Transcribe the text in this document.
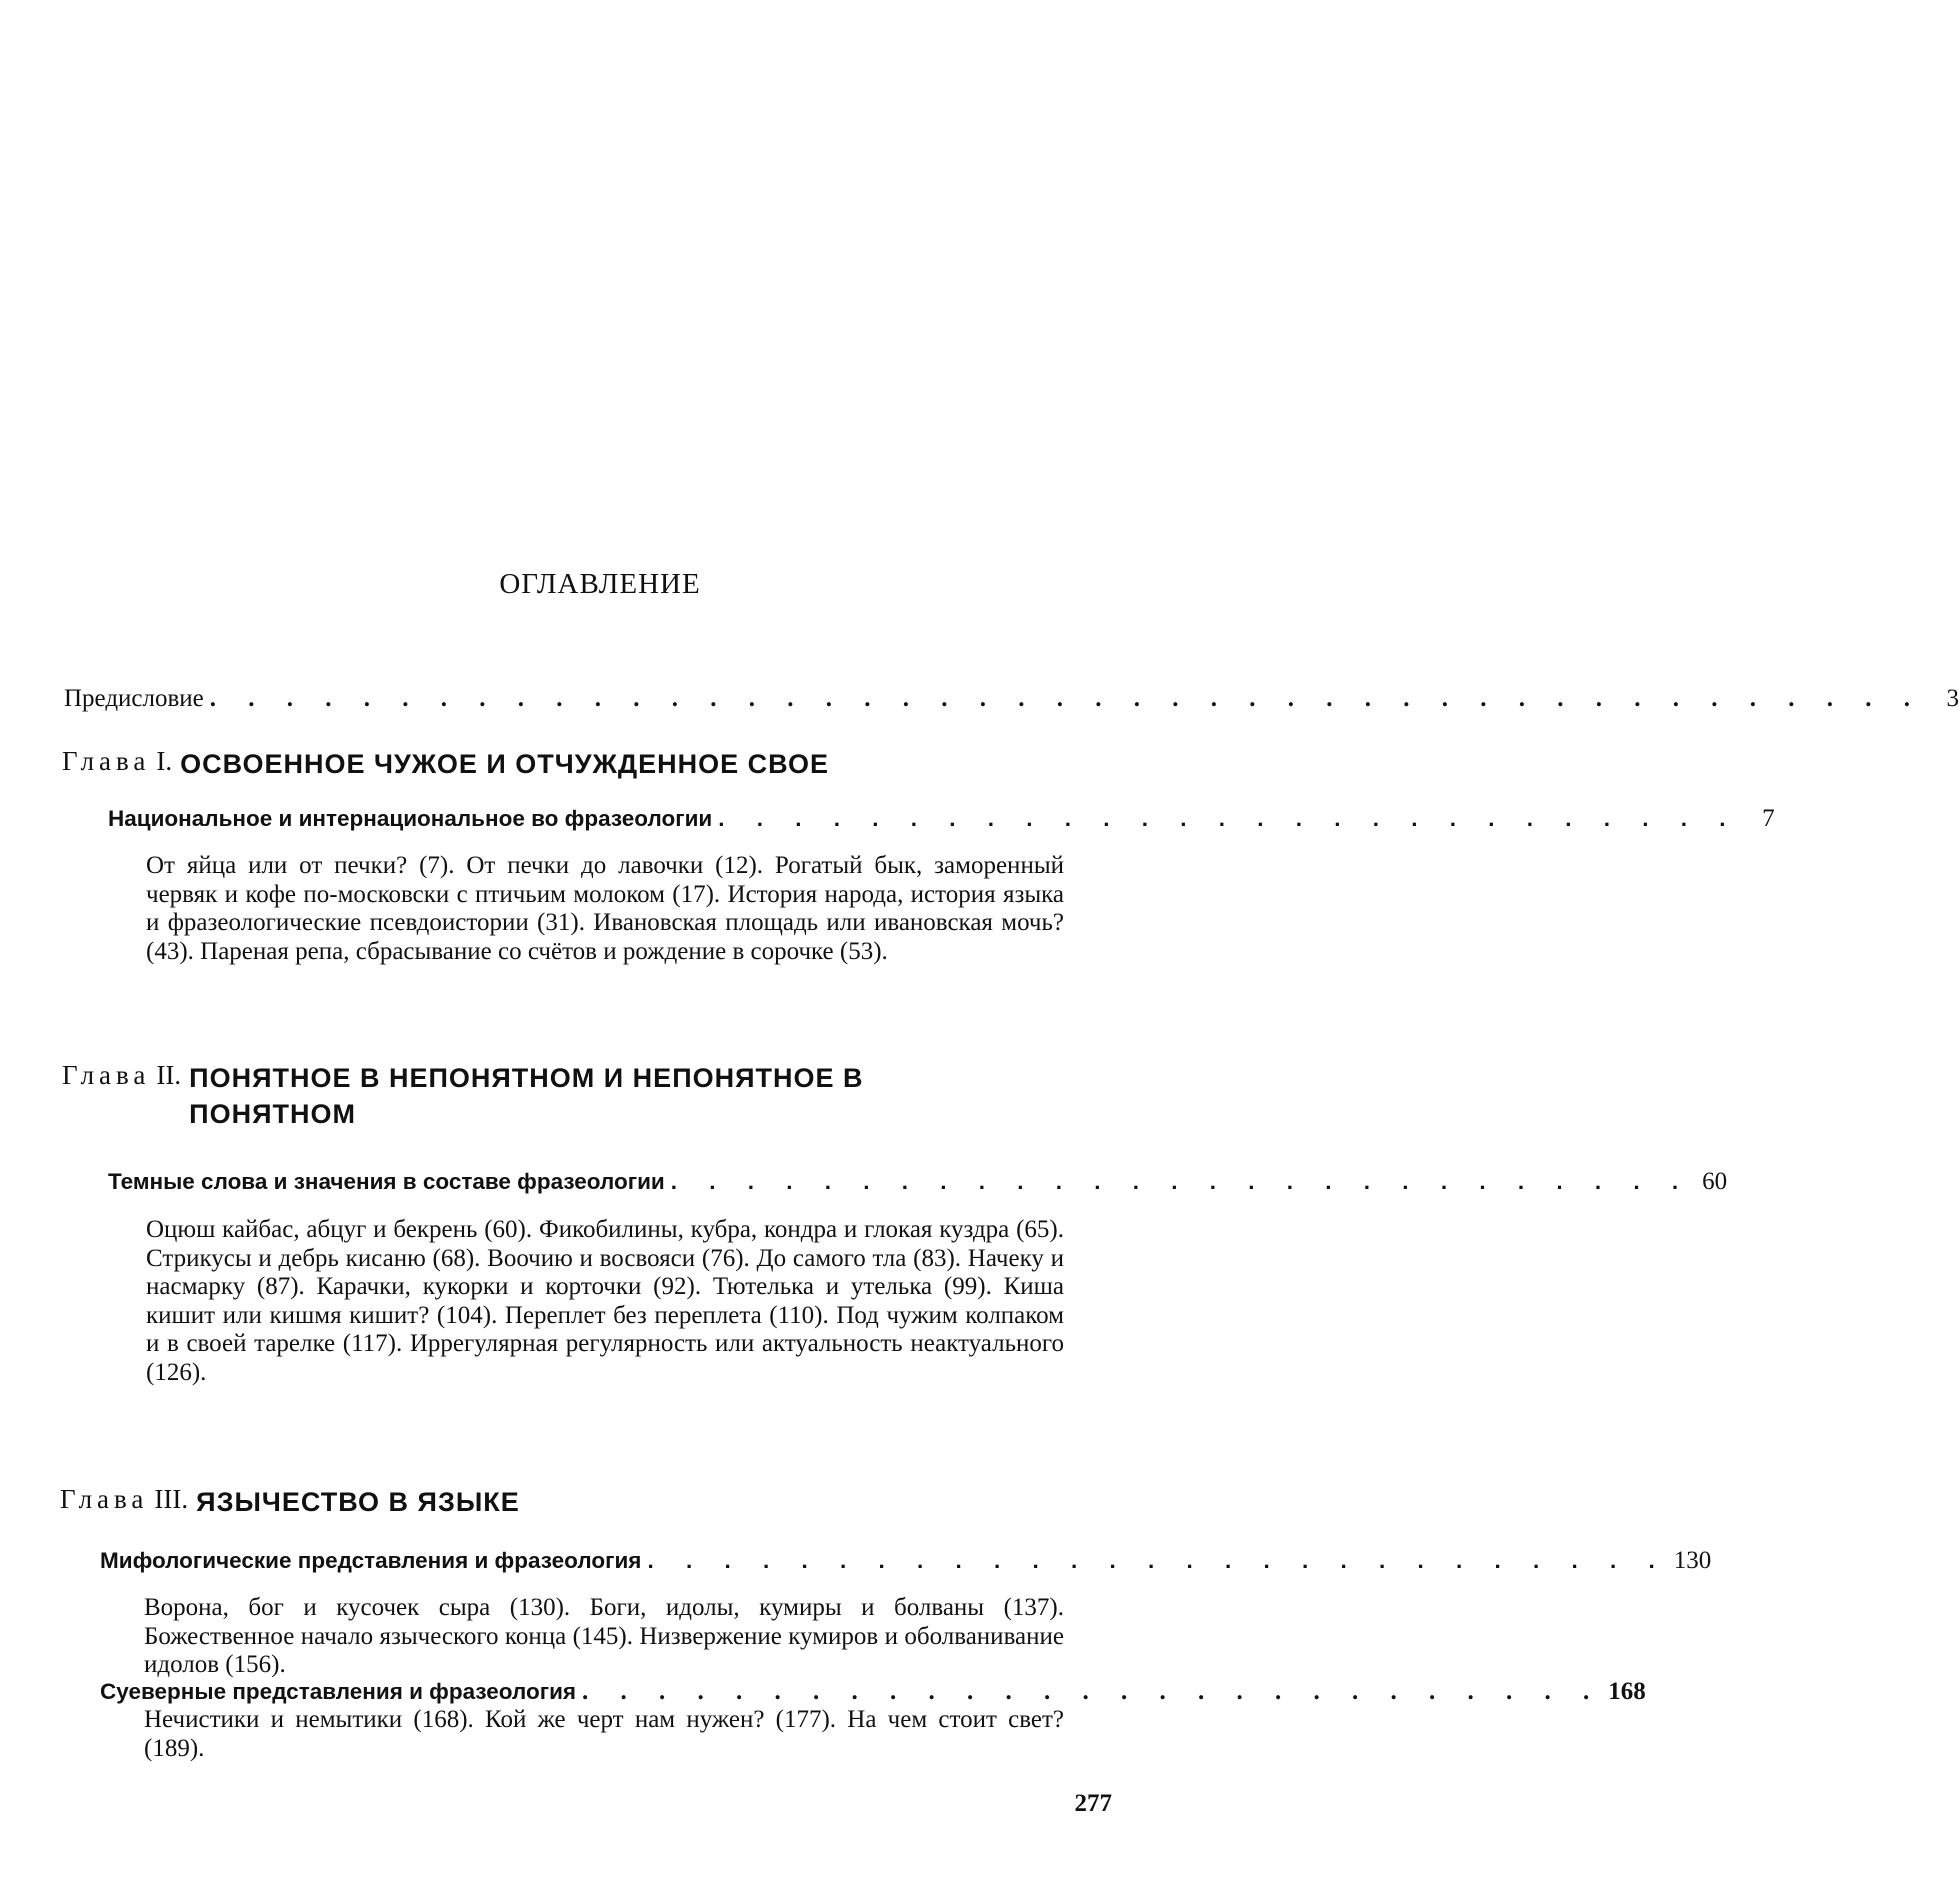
ОГЛАВЛЕНИЕ
Предисловие . . . . . . . . . . . . . . . . . . . . . . . . . . . . . . . . . . . . . . . . . . . . . 3
Глава I. ОСВОЕННОЕ ЧУЖОЕ И ОТЧУЖДЕННОЕ СВОЕ
Национальное и интернациональное во фразеологии . . . . . . . . . . . . . . . . . . . . . . . . . . . 7

От яйца или от печки? (7). От печки до лавочки (12). Рогатый бык, заморенный червяк и кофе по-московски с птичьим молоком (17). История народа, история языка и фразеологические псевдоистории (31). Ивановская площадь или ивановская мочь? (43). Пареная репа, сбрасывание со счётов и рождение в сорочке (53).

Глава II. ПОНЯТНОЕ В НЕПОНЯТНОМ И НЕПОНЯТНОЕ В ПОНЯТНОМ
Темные слова и значения в составе фразеологии . . . . . . . . . . . . . . . . . . . . . . . . . . . 60

Оцюш кайбас, абцуг и бекрень (60). Фикобилины, кубра, кондра и глокая куздра (65). Стрикусы и дебрь кисаню (68). Воочию и восвояси (76). До самого тла (83). Начеку и насмарку (87). Карачки, кукорки и корточки (92). Тютелька и утелька (99). Киша кишит или кишмя кишит? (104). Переплет без переплета (110). Под чужим колпаком и в своей тарелке (117). Иррегулярная регулярность или актуальность неактуального (126).

Глава III. ЯЗЫЧЕСТВО В ЯЗЫКЕ
Мифологические представления и фразеология . . . . . . . . . . . . . . . . . . . . . . . . . . . 130

Ворона, бог и кусочек сыра (130). Боги, идолы, кумиры и болваны (137). Божественное начало языческого конца (145). Низвержение кумиров и оболванивание идолов (156).

Суеверные представления и фразеология . . . . . . . . . . . . . . . . . . . . . . . . . . . 168

Нечистики и немытики (168). Кой же черт нам нужен? (177). На чем стоит свет? (189).

277
